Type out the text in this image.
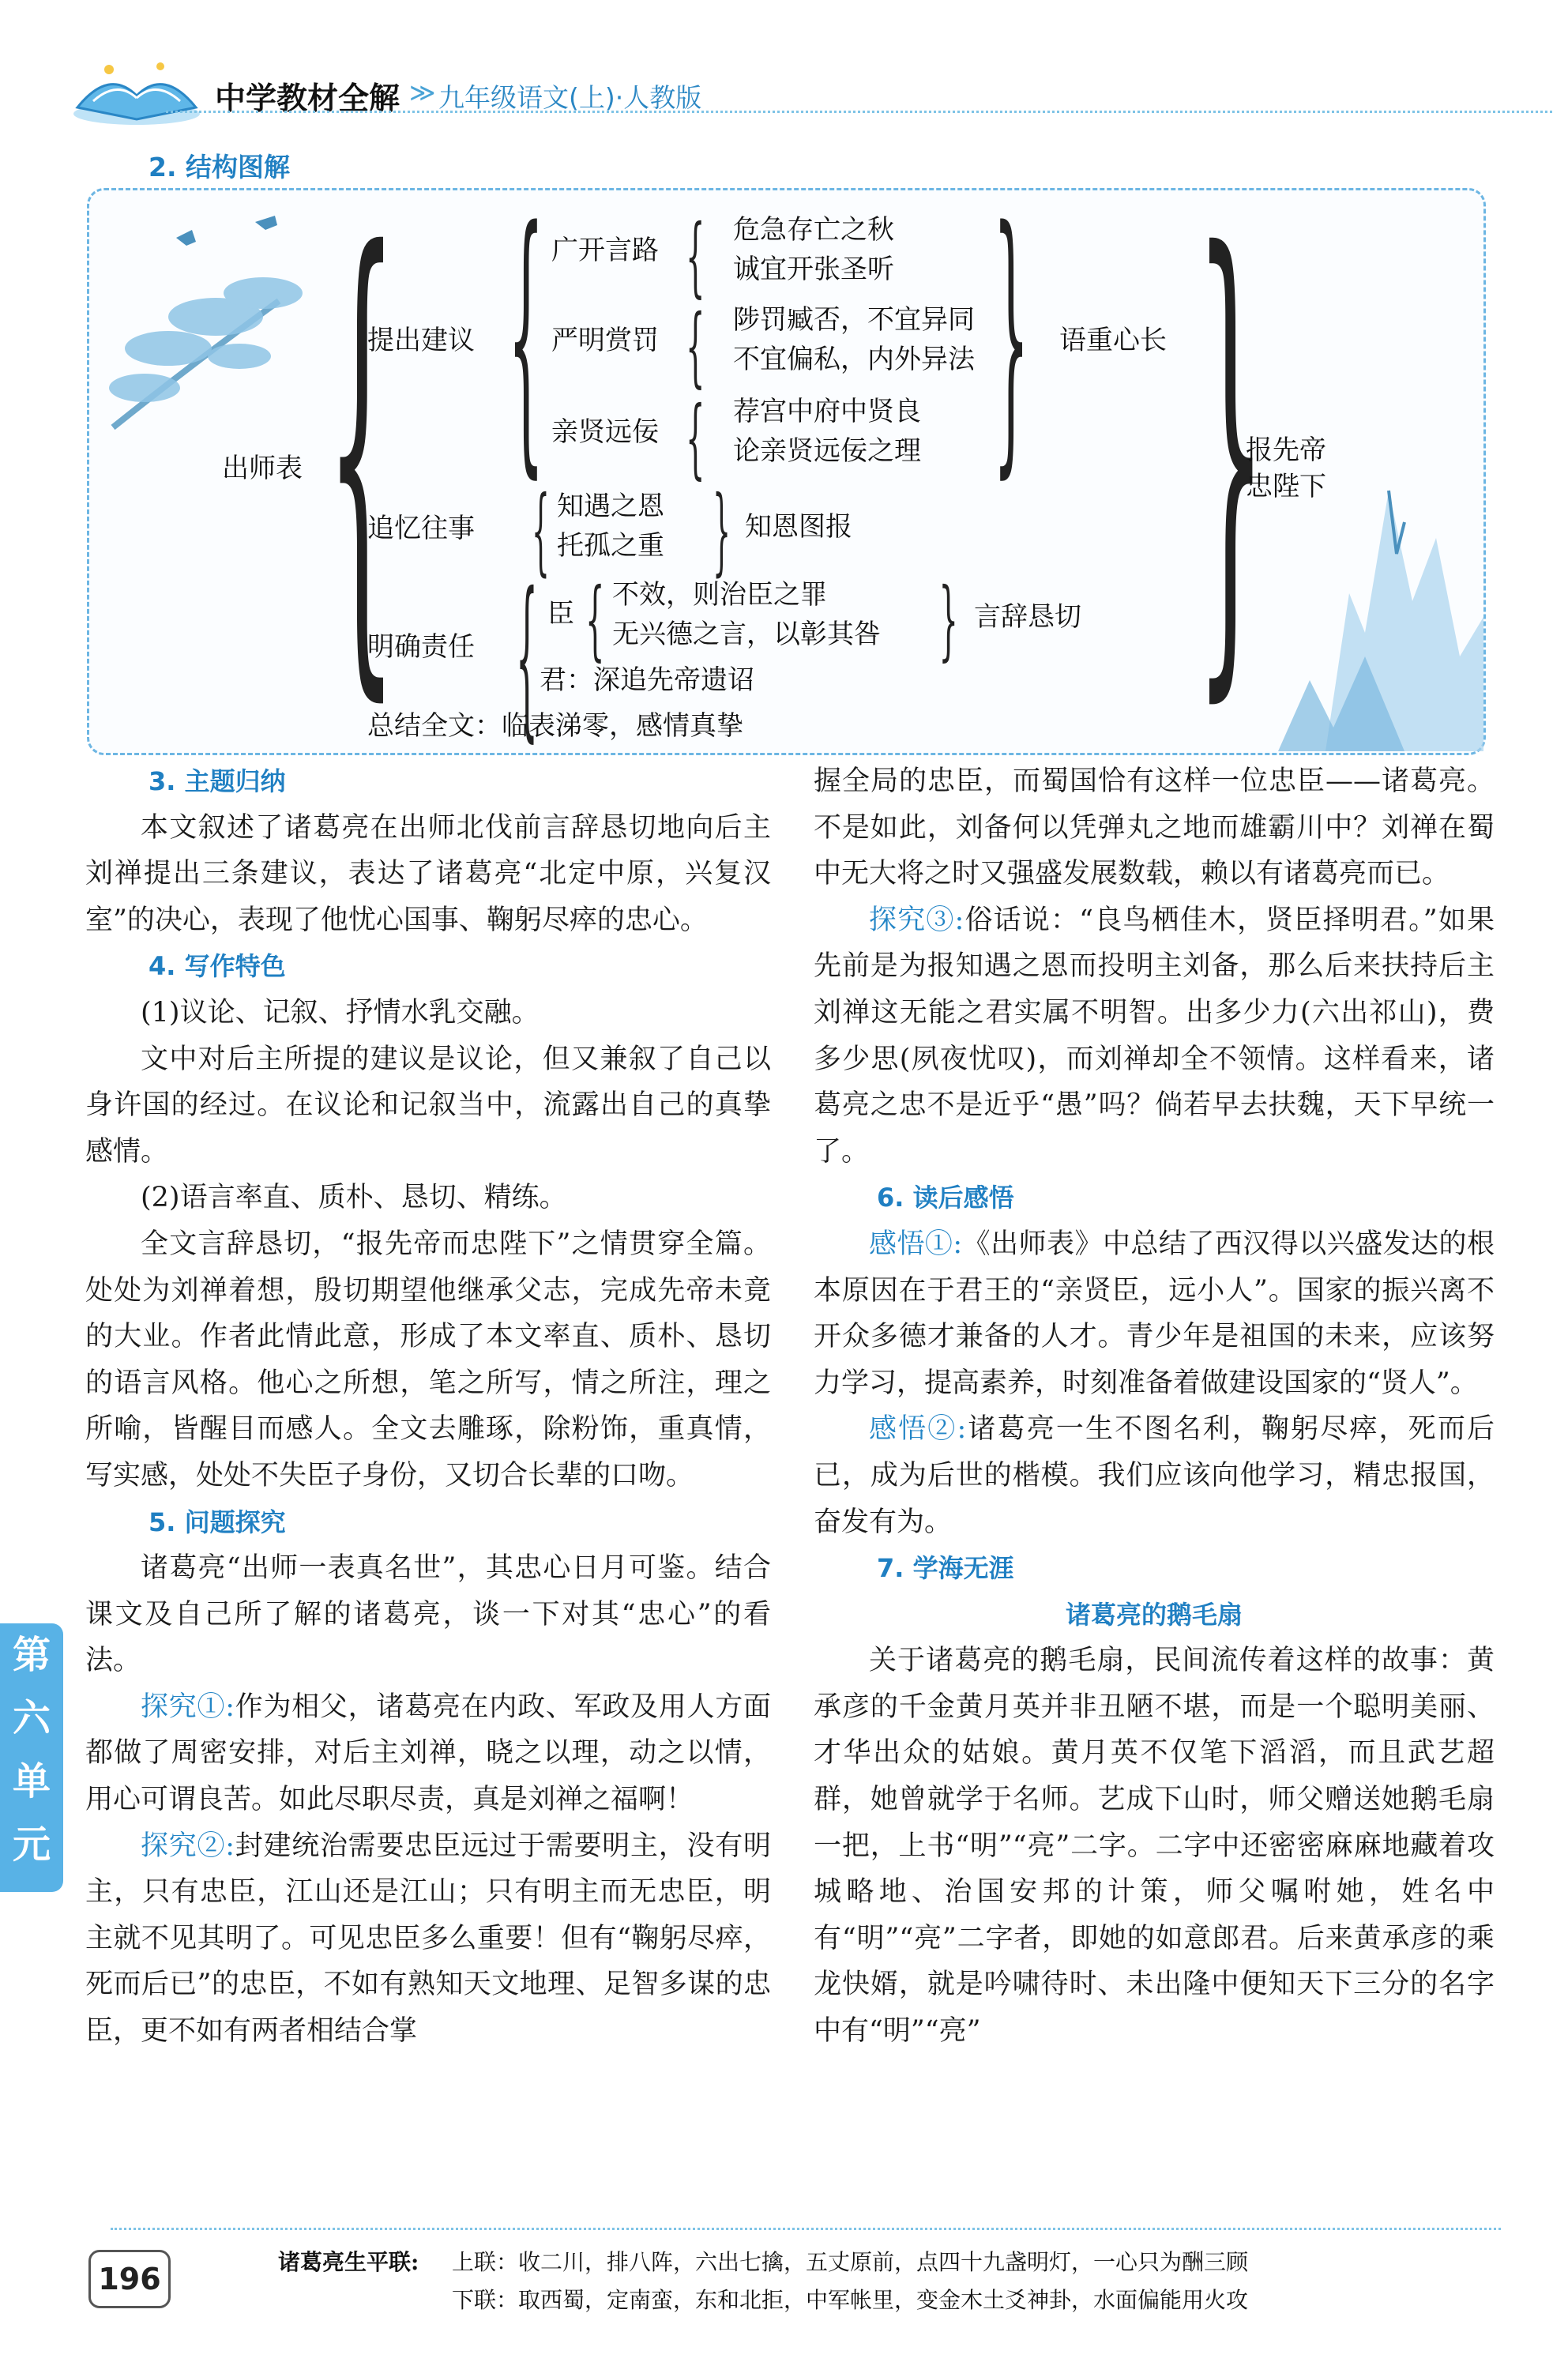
中学教材全解 ≫ 九年级语文(上)·人教版
2. 结构图解
出师表 {
提出建议 { 广开言路 { 危急存亡之秋
诚宜开张圣听
严明赏罚 { 陟罚臧否，不宜异同
不宜偏私，内外异法
亲贤远佞 { 荐宫中府中贤良
论亲贤远佞之理 { 语重心长
追忆往事 { 知遇之恩
托孤之重 { 知恩图报
明确责任 { 臣 { 不效，则治臣之罪
无兴德之言，以彰其咎
君：深追先帝遗诏
{ 言辞恳切 {
报先帝
忠陛下
总结全文：临表涕零，感情真挚
3. 主题归纳

本文叙述了诸葛亮在出师北伐前言辞恳切地向后主刘禅提出三条建议，表达了诸葛亮“北定中原，兴复汉室”的决心，表现了他忧心国事、鞠躬尽瘁的忠心。

4. 写作特色

(1)议论、记叙、抒情水乳交融。

文中对后主所提的建议是议论，但又兼叙了自己以身许国的经过。在议论和记叙当中，流露出自己的真挚感情。

(2)语言率直、质朴、恳切、精练。

全文言辞恳切，“报先帝而忠陛下”之情贯穿全篇。处处为刘禅着想，殷切期望他继承父志，完成先帝未竟的大业。作者此情此意，形成了本文率直、质朴、恳切的语言风格。他心之所想，笔之所写，情之所注，理之所喻，皆醒目而感人。全文去雕琢，除粉饰，重真情，写实感，处处不失臣子身份，又切合长辈的口吻。

5. 问题探究

诸葛亮“出师一表真名世”，其忠心日月可鉴。结合课文及自己所了解的诸葛亮，谈一下对其“忠心”的看法。

探究①:作为相父，诸葛亮在内政、军政及用人方面都做了周密安排，对后主刘禅，晓之以理，动之以情，用心可谓良苦。如此尽职尽责，真是刘禅之福啊！

探究②:封建统治需要忠臣远过于需要明主，没有明主，只有忠臣，江山还是江山；只有明主而无忠臣，明主就不见其明了。可见忠臣多么重要！但有“鞠躬尽瘁，死而后已”的忠臣，不如有熟知天文地理、足智多谋的忠臣，更不如有两者相结合掌

握全局的忠臣，而蜀国恰有这样一位忠臣——诸葛亮。不是如此，刘备何以凭弹丸之地而雄霸川中？刘禅在蜀中无大将之时又强盛发展数载，赖以有诸葛亮而已。

探究③:俗话说：“良鸟栖佳木，贤臣择明君。”如果先前是为报知遇之恩而投明主刘备，那么后来扶持后主刘禅这无能之君实属不明智。出多少力(六出祁山)，费多少思(夙夜忧叹)，而刘禅却全不领情。这样看来，诸葛亮之忠不是近乎“愚”吗？倘若早去扶魏，天下早统一了。

6. 读后感悟

感悟①:《出师表》中总结了西汉得以兴盛发达的根本原因在于君王的“亲贤臣，远小人”。国家的振兴离不开众多德才兼备的人才。青少年是祖国的未来，应该努力学习，提高素养，时刻准备着做建设国家的“贤人”。

感悟②:诸葛亮一生不图名利，鞠躬尽瘁，死而后已，成为后世的楷模。我们应该向他学习，精忠报国，奋发有为。

7. 学海无涯
诸葛亮的鹅毛扇

关于诸葛亮的鹅毛扇，民间流传着这样的故事：黄承彦的千金黄月英并非丑陋不堪，而是一个聪明美丽、才华出众的姑娘。黄月英不仅笔下滔滔，而且武艺超群，她曾就学于名师。艺成下山时，师父赠送她鹅毛扇一把，上书“明”“亮”二字。二字中还密密麻麻地藏着攻城略地、治国安邦的计策，师父嘱咐她，姓名中有“明”“亮”二字者，即她的如意郎君。后来黄承彦的乘龙快婿，就是吟啸待时、未出隆中便知天下三分的名字中有“明”“亮”

第
六
单
元
196	诸葛亮生平联: 上联：收二川，排八阵，六出七擒，五丈原前，点四十九盏明灯，一心只为酬三顾
下联：取西蜀，定南蛮，东和北拒，中军帐里，变金木土爻神卦，水面偏能用火攻
